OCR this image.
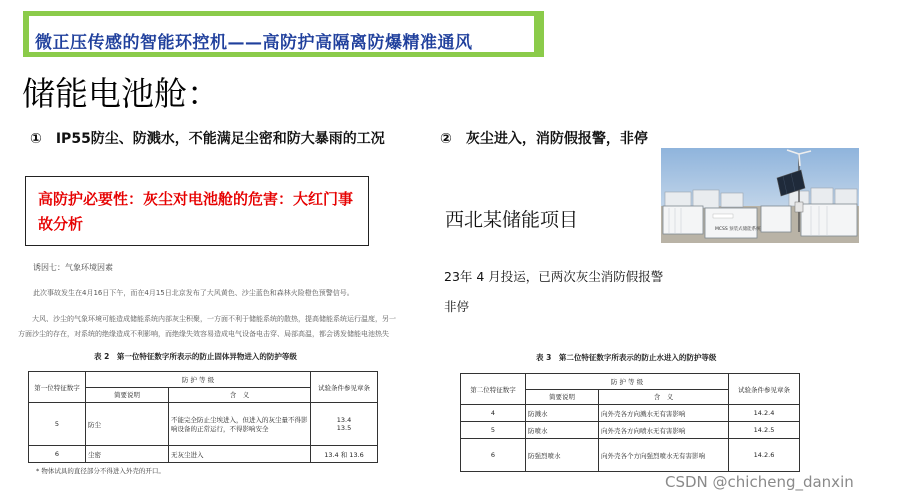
微正压传感的智能环控机——高防护高隔离防爆精准通风
储能电池舱：
①　IP55防尘、防溅水，不能满足尘密和防大暴雨的工况	②　灰尘进入，消防假报警，非停
高防护必要性：灰尘对电池舱的危害：大红门事故分析	MCSS 预装式储能系统
西北某储能项目
23年 4 月投运，已两次灰尘消防假报警 非停
诱因七：气象环境因素
此次事故发生在4月16日下午，而在4月15日北京发布了大风黄色、沙尘蓝色和森林火险橙色预警信号。
大风、沙尘的气象环境可能造成储能系统内部灰尘积聚，一方面不利于储能系统的散热，提高储能系统运行温度，另一
方面沙尘的存在，对系统的绝缘造成不利影响，而绝缘失效容易造成电气设备电击穿、局部高温，都会诱发储能电池热失
表 2　第一位特征数字所表示的防止固体异物进入的防护等级
第一位特征数字	防 护 等 级		试验条件参见章条
	简要说明	含　义	
5	防尘	不能完全防止尘埃进入，但进入的灰尘量不得影响设备的正常运行，不得影响安全	13.4
13.5
6	尘密	无灰尘进入	13.4 和 13.6
* 物体试具的直径部分不得进入外壳的开口。
表 3　第二位特征数字所表示的防止水进入的防护等级
第二位特征数字	防 护 等 级		试验条件参见章条
	简要说明	含　义	
4	防溅水	向外壳各方向溅水无有害影响	14.2.4
5	防喷水	向外壳各方向喷水无有害影响	14.2.5
6	防强烈喷水	向外壳各个方向强烈喷水无有害影响	14.2.6
CSDN @chicheng_danxin
